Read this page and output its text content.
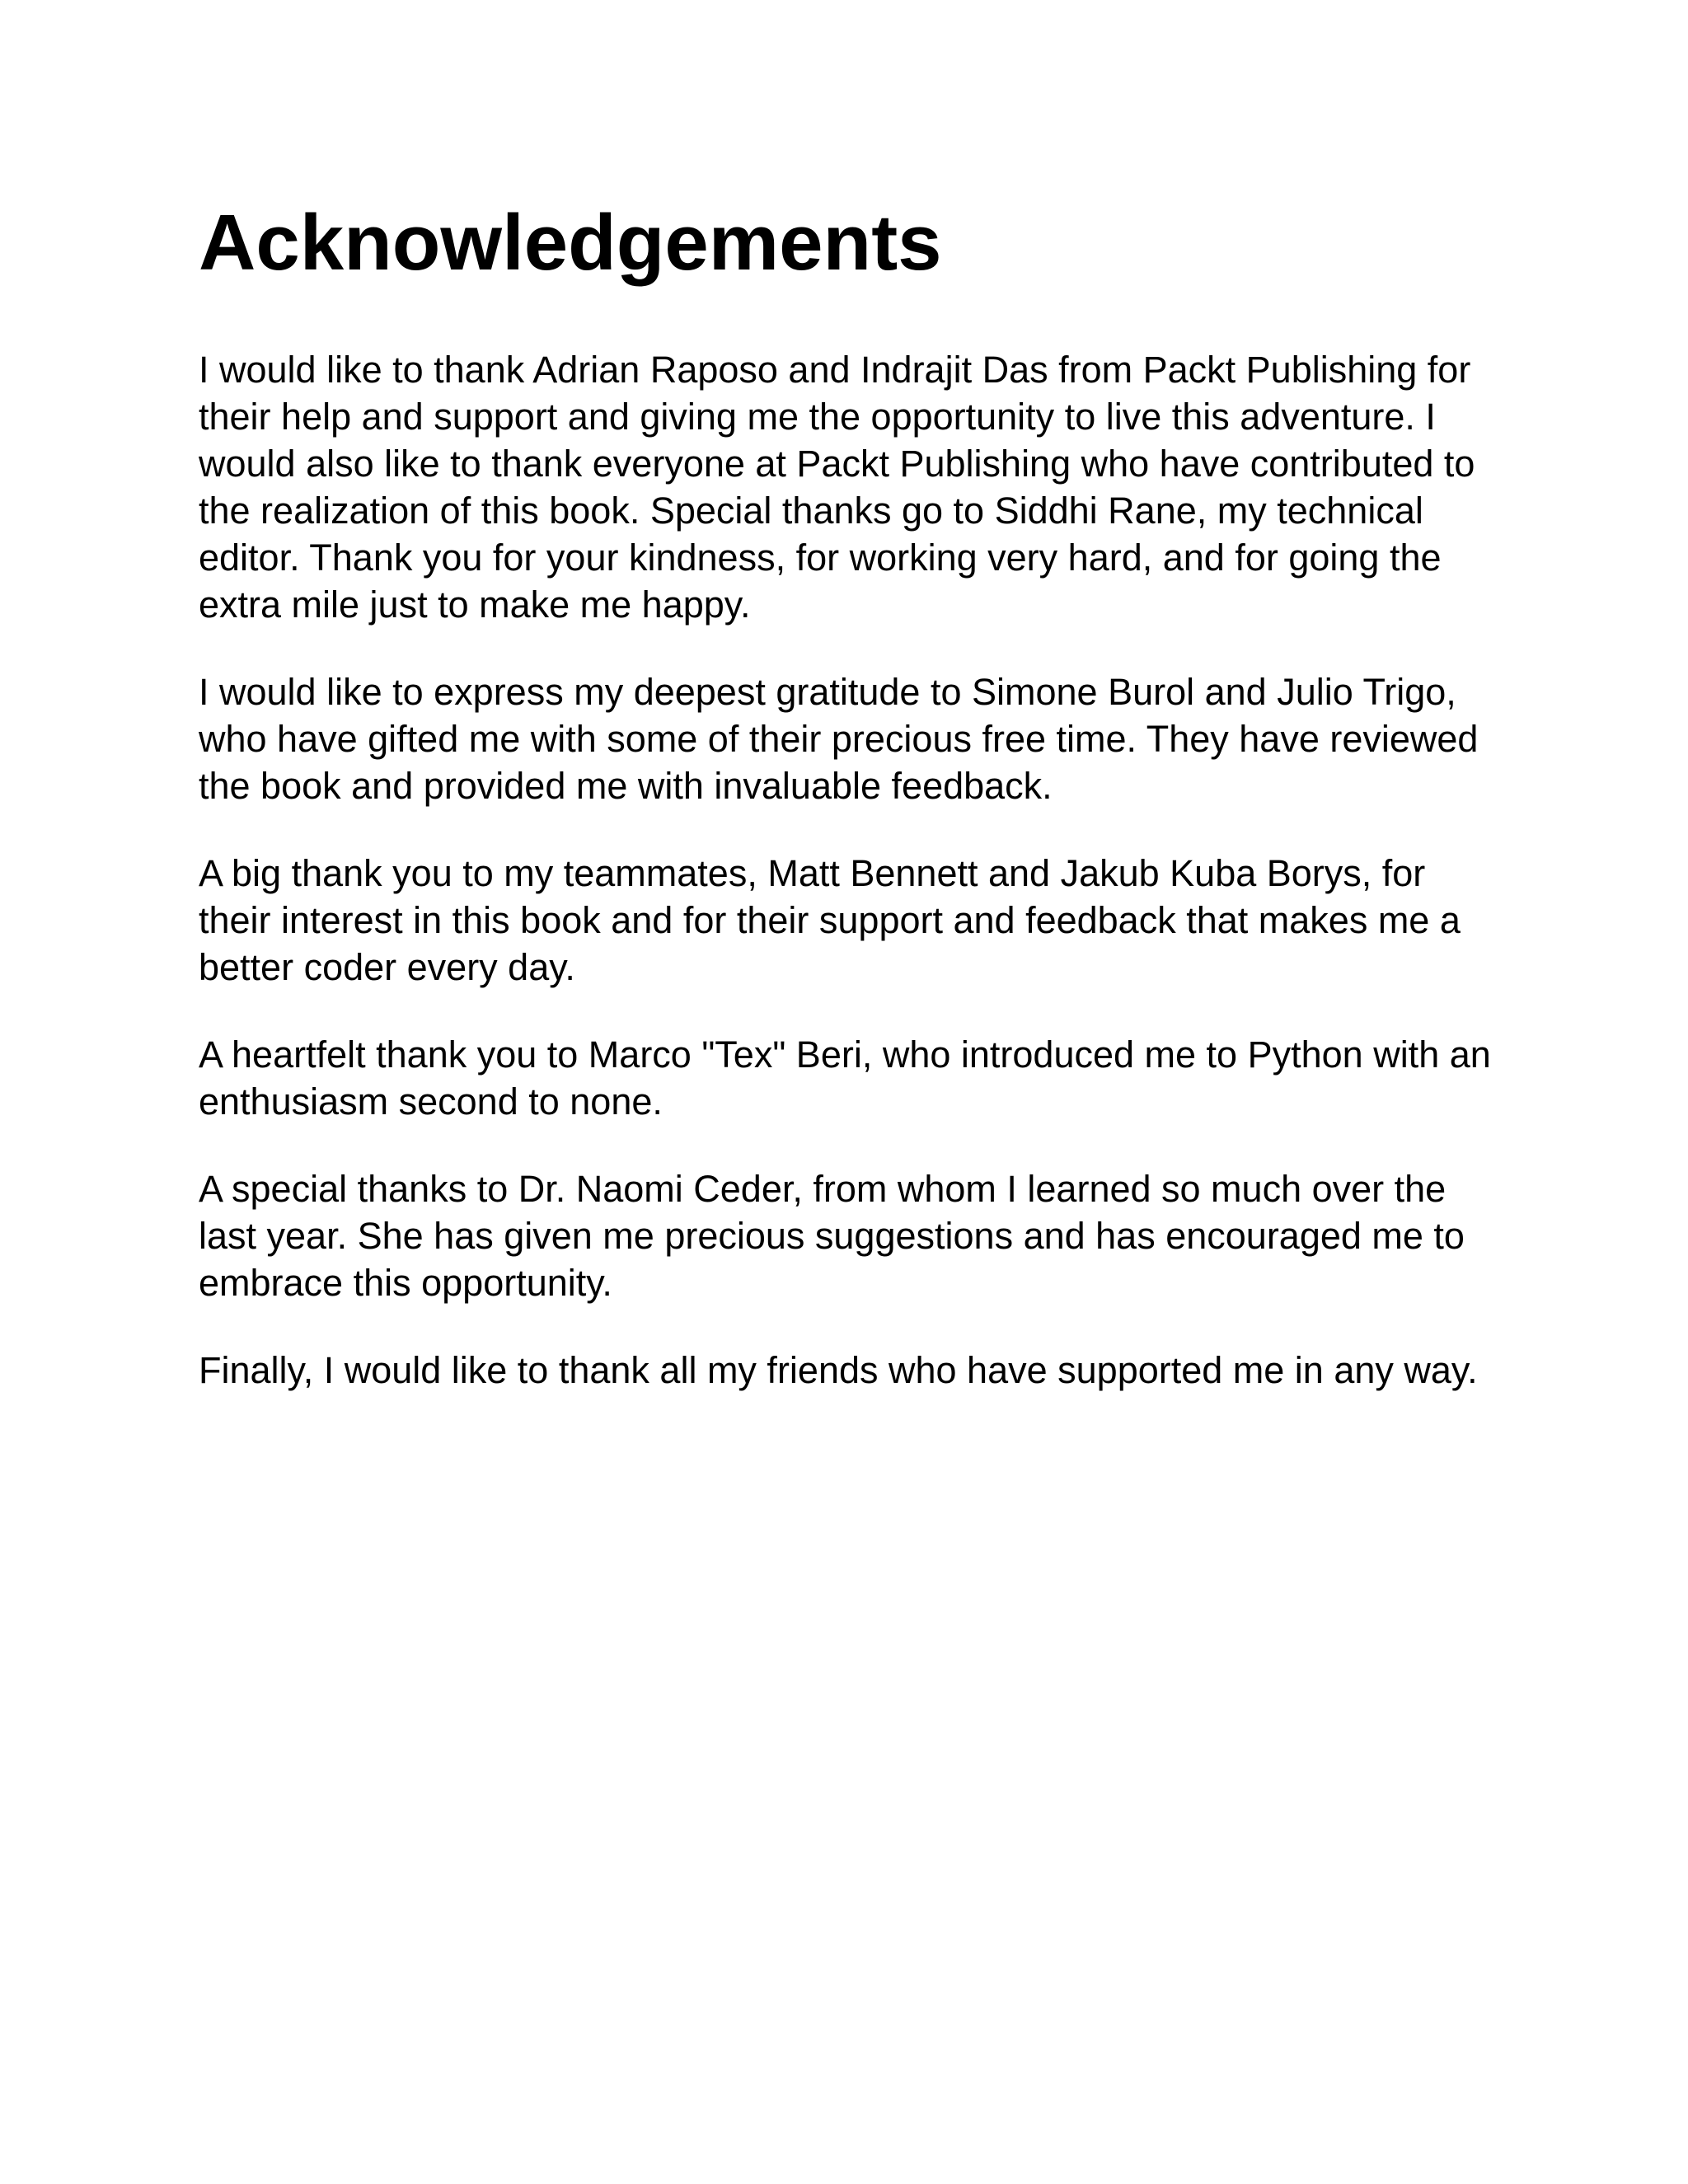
Acknowledgements

I would like to thank Adrian Raposo and Indrajit Das from Packt Publishing for their help and support and giving me the opportunity to live this adventure. I would also like to thank everyone at Packt Publishing who have contributed to the realization of this book. Special thanks go to Siddhi Rane, my technical editor. Thank you for your kindness, for working very hard, and for going the extra mile just to make me happy.

I would like to express my deepest gratitude to Simone Burol and Julio Trigo, who have gifted me with some of their precious free time. They have reviewed the book and provided me with invaluable feedback.

A big thank you to my teammates, Matt Bennett and Jakub Kuba Borys, for their interest in this book and for their support and feedback that makes me a better coder every day.

A heartfelt thank you to Marco "Tex" Beri, who introduced me to Python with an enthusiasm second to none.

A special thanks to Dr. Naomi Ceder, from whom I learned so much over the last year. She has given me precious suggestions and has encouraged me to embrace this opportunity.

Finally, I would like to thank all my friends who have supported me in any way.
